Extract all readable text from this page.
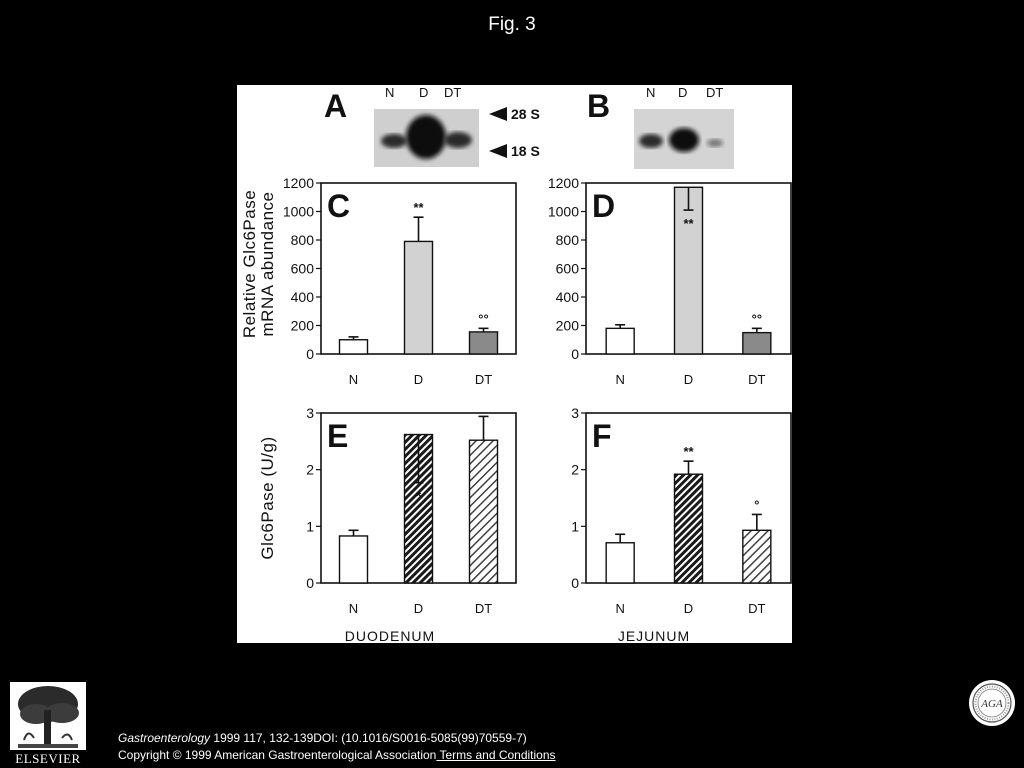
Fig. 3
A	N D DT
28 S
18 S
B	N D DT
Relative Glc6Pase mRNA abundance
Glc6Pase (U/g)
DUODENUM	JEJUNUM
C
0
200
400
600
800
1000
1200
N
**
D
°°
DT
D
0
200
400
600
800
1000
1200
N
**
D
°°
DT
E
0
1
2
3
N
*
D	DT
F
0
1
2
3
N
**
D
°
DT
ELSEVIER
AGA
Gastroenterology 1999 117, 132-139DOI: (10.1016/S0016-5085(99)70559-7)
Copyright © 1999 American Gastroenterological Association Terms and Conditions
